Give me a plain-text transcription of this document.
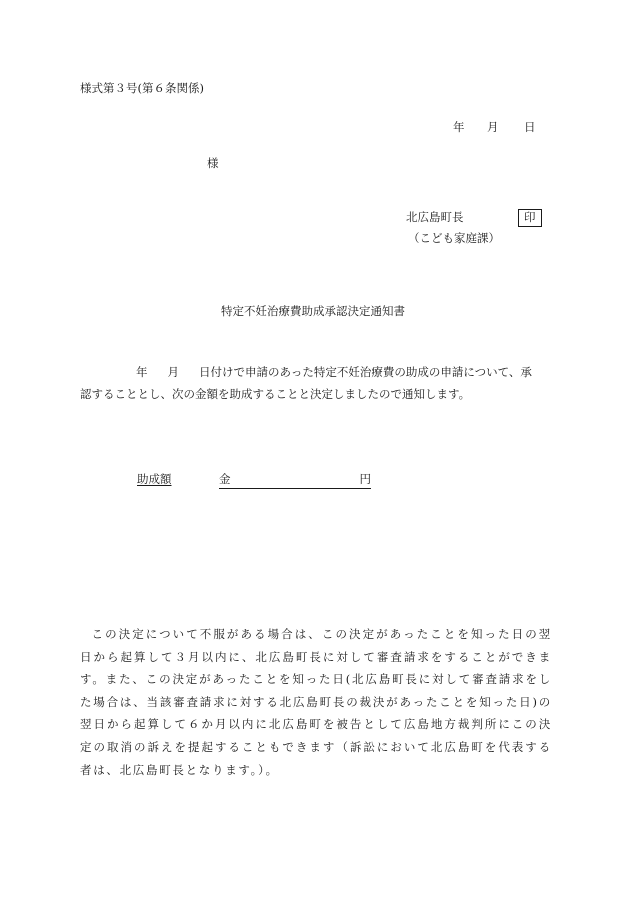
様式第３号(第６条関係)
年 月 日
様
北広島町長	印
（こども家庭課）
特定不妊治療費助成承認決定通知書
年 月 日付けで申請のあった特定不妊治療費の助成の申請について、承
認することとし、次の金額を助成することと決定しましたので通知します。
助成額	金	円
この決定について不服がある場合は、この決定があったことを知った日の翌日から起算して３月以内に、北広島町長に対して審査請求をすることができます。また、この決定があったことを知った日(北広島町長に対して審査請求をした場合は、当該審査請求に対する北広島町長の裁決があったことを知った日)の翌日から起算して６か月以内に北広島町を被告として広島地方裁判所にこの決定の取消の訴えを提起することもできます（訴訟において北広島町を代表する者は、北広島町長となります。）。
